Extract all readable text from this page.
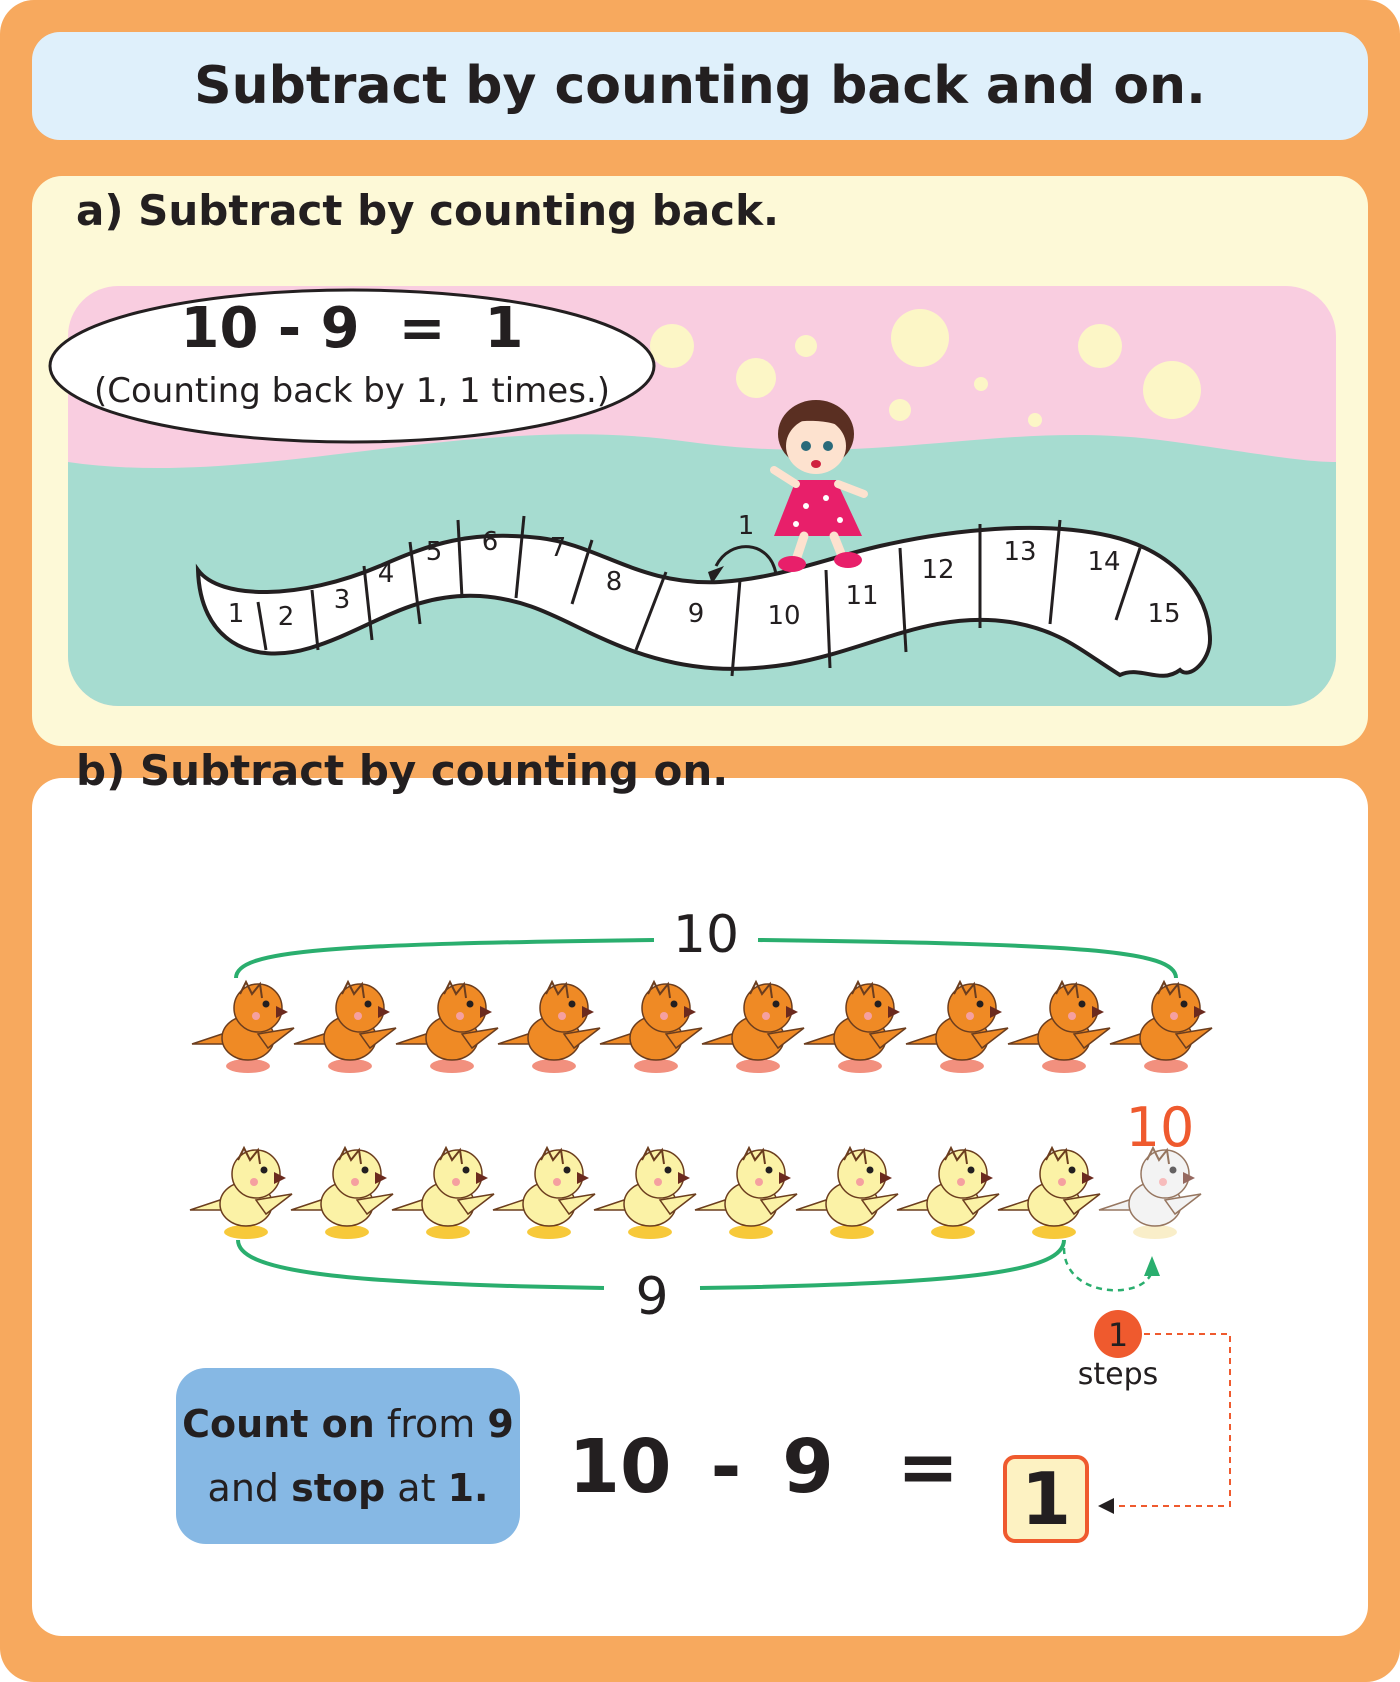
Subtract by counting back and on.
a) Subtract by counting back.
b) Subtract by counting on.
10 - 9  =  1
(Counting back by 1, 1 times.)
1 2
3
4
5 6 7
8
9 10
11
12
13 14
15
1
10
10
9
1
steps
Count on from 9
and stop at 1. 10 - 9 = 1
